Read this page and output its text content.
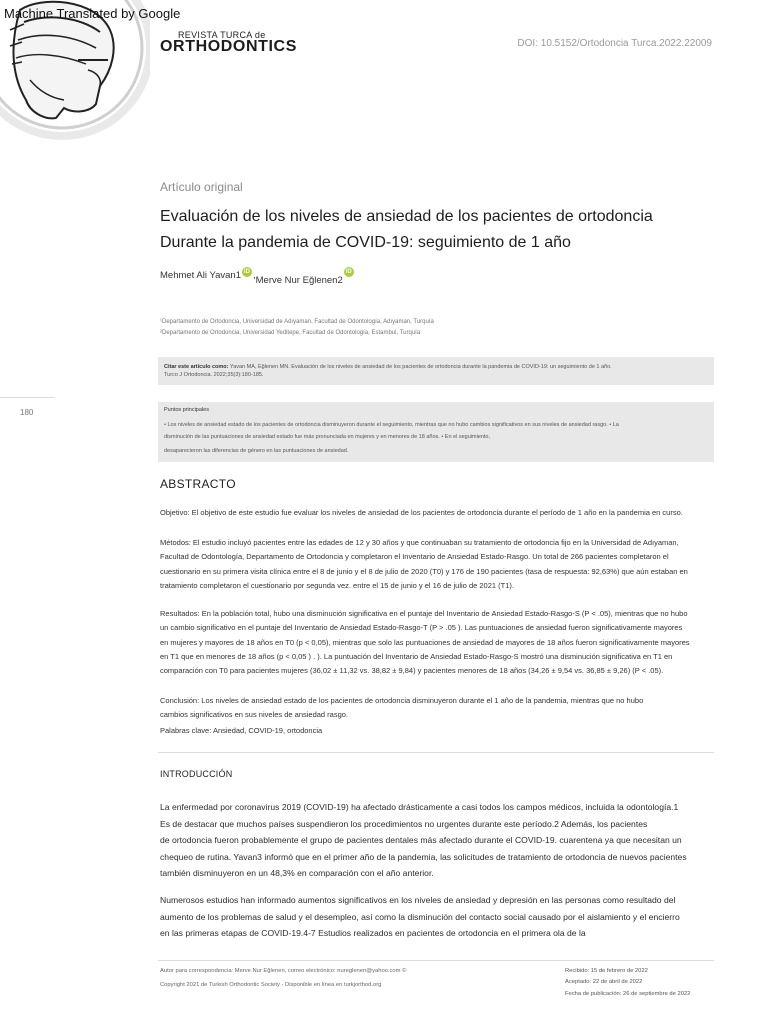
Machine Translated by Google
REVISTA TURCA de
ORTHODONTICS	DOI: 10.5152/Ortodoncia Turca.2022.22009
Artículo original
Evaluación de los niveles de ansiedad de los pacientes de ortodoncia
Durante la pandemia de COVID-19: seguimiento de 1 año
Mehmet Ali Yavan1 iD , Merve Nur Eğlenen2
iD
¹Departamento de Ortodoncia, Universidad de Adıyaman, Facultad de Odontología, Adıyaman, Turquía
²Departamento de Ortodoncia, Universidad Yeditepe, Facultad de Odontología, Estambul, Turquía
Citar este artículo como: Yavan MA, Eğlenen MN. Evaluación de los niveles de ansiedad de los pacientes de ortodoncia durante la pandemia de COVID-19: un seguimiento de 1 año.
Turco J Ortodoncia. 2022;35(3):180-185.
180	Puntos principales
• Los niveles de ansiedad estado de los pacientes de ortodoncia disminuyeron durante el seguimiento, mientras que no hubo cambios significativos en sus niveles de ansiedad rasgo. • La
disminución de las puntuaciones de ansiedad estado fue más pronunciada en mujeres y en menores de 18 años. • En el seguimiento,
desaparecieron las diferencias de género en las puntuaciones de ansiedad.
ABSTRACTO
Objetivo: El objetivo de este estudio fue evaluar los niveles de ansiedad de los pacientes de ortodoncia durante el período de 1 año en la pandemia en curso.
Métodos: El estudio incluyó pacientes entre las edades de 12 y 30 años y que continuaban su tratamiento de ortodoncia fijo en la Universidad de Adıyaman,
Facultad de Odontología, Departamento de Ortodoncia y completaron el Inventario de Ansiedad Estado-Rasgo. Un total de 266 pacientes completaron el
cuestionario en su primera visita clínica entre el 8 de junio y el 8 de julio de 2020 (T0) y 176 de 190 pacientes (tasa de respuesta: 92,63%) que aún estaban en
tratamiento completaron el cuestionario por segunda vez. entre el 15 de junio y el 16 de julio de 2021 (T1).
Resultados: En la población total, hubo una disminución significativa en el puntaje del Inventario de Ansiedad Estado-Rasgo-S (P < .05), mientras que no hubo
un cambio significativo en el puntaje del Inventario de Ansiedad Estado-Rasgo-T (P > .05 ). Las puntuaciones de ansiedad fueron significativamente mayores
en mujeres y mayores de 18 años en T0 (p < 0,05), mientras que solo las puntuaciones de ansiedad de mayores de 18 años fueron significativamente mayores
en T1 que en menores de 18 años (p < 0,05 ) . ). La puntuación del Inventario de Ansiedad Estado-Rasgo-S mostró una disminución significativa en T1 en
comparación con T0 para pacientes mujeres (36,02 ± 11,32 vs. 38,82 ± 9,84) y pacientes menores de 18 años (34,26 ± 9,54 vs. 36,85 ± 9,26) (P < .05).
Conclusión: Los niveles de ansiedad estado de los pacientes de ortodoncia disminuyeron durante el 1 año de la pandemia, mientras que no hubo
cambios significativos en sus niveles de ansiedad rasgo.
Palabras clave: Ansiedad, COVID-19, ortodoncia
INTRODUCCIÓN
La enfermedad por coronavirus 2019 (COVID-19) ha afectado drásticamente a casi todos los campos médicos, incluida la odontología.1
Es de destacar que muchos países suspendieron los procedimientos no urgentes durante este período.2 Además, los pacientes
de ortodoncia fueron probablemente el grupo de pacientes dentales más afectado durante el COVID-19. cuarentena ya que necesitan un
chequeo de rutina. Yavan3 informó que en el primer año de la pandemia, las solicitudes de tratamiento de ortodoncia de nuevos pacientes
también disminuyeron en un 48,3% en comparación con el año anterior.
Numerosos estudios han informado aumentos significativos en los niveles de ansiedad y depresión en las personas como resultado del
aumento de los problemas de salud y el desempleo, así como la disminución del contacto social causado por el aislamiento y el encierro
en las primeras etapas de COVID-19.4-7 Estudios realizados en pacientes de ortodoncia en el primera ola de la
Autor para correspondencia: Merve Nur Eğlenen, correo electrónico: nureglenen@yahoo.com ©
Copyright 2021 de Turkish Orthodontic Society - Disponible en línea en turkjorthod.org
Recibido: 15 de febrero de 2022
Aceptado: 22 de abril de 2022
Fecha de publicación: 26 de septiembre de 2022
